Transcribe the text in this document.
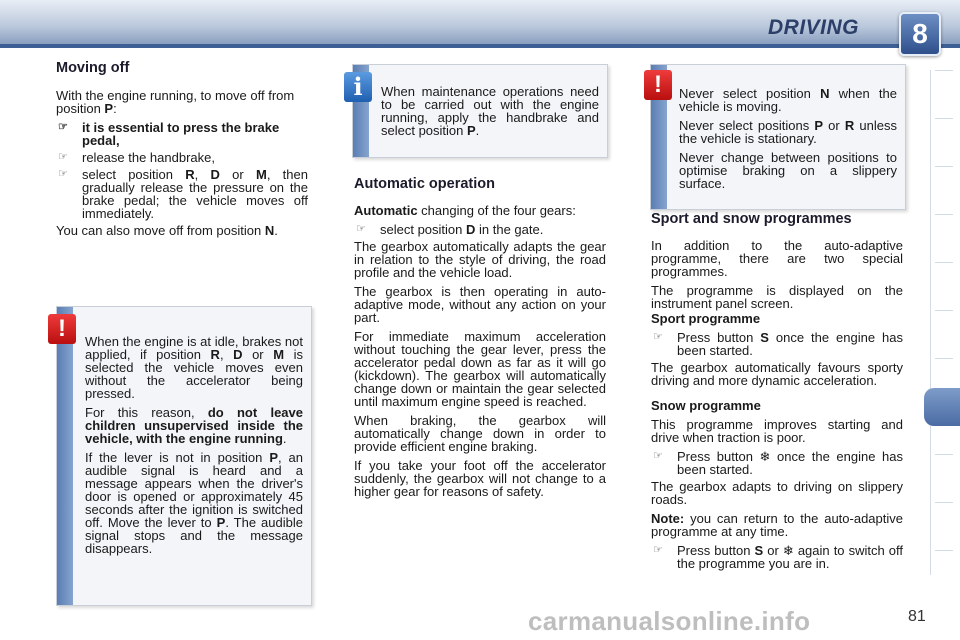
DRIVING	8

Moving off

With the engine running, to move off from position P:

☞ it is essential to press the brake pedal,
☞ release the handbrake,
☞ select position R, D or M, then gradually release the pressure on the brake pedal; the vehicle moves off immediately.

You can also move off from position N.

When the engine is at idle, brakes not applied, if position R, D or M is selected the vehicle moves even without the accelerator being pressed.

For this reason, do not leave children unsupervised inside the vehicle, with the engine running.

If the lever is not in position P, an audible signal is heard and a message appears when the driver's door is opened or approximately 45 seconds after the ignition is switched off. Move the lever to P. The audible signal stops and the message disappears.

!

When maintenance operations need to be carried out with the engine running, apply the handbrake and select position P.

i

Automatic operation

Automatic changing of the four gears:

☞ select position D in the gate.

The gearbox automatically adapts the gear in relation to the style of driving, the road profile and the vehicle load.

The gearbox is then operating in auto-adaptive mode, without any action on your part.

For immediate maximum acceleration without touching the gear lever, press the accelerator pedal down as far as it will go (kickdown). The gearbox will automatically change down or maintain the gear selected until maximum engine speed is reached.

When braking, the gearbox will automatically change down in order to provide efficient engine braking.

If you take your foot off the accelerator suddenly, the gearbox will not change to a higher gear for reasons of safety.

Never select position N when the vehicle is moving.

Never select positions P or R unless the vehicle is stationary.

Never change between positions to optimise braking on a slippery surface.

!

Sport and snow programmes

In addition to the auto-adaptive programme, there are two special programmes.

The programme is displayed on the instrument panel screen.

Sport programme

☞ Press button S once the engine has been started.

The gearbox automatically favours sporty driving and more dynamic acceleration.

Snow programme

This programme improves starting and drive when traction is poor.

☞ Press button ❄ once the engine has been started.

The gearbox adapts to driving on slippery roads.

Note: you can return to the auto-adaptive programme at any time.

☞ Press button S or ❄ again to switch off the programme you are in.
carmanualsonline.info	81
